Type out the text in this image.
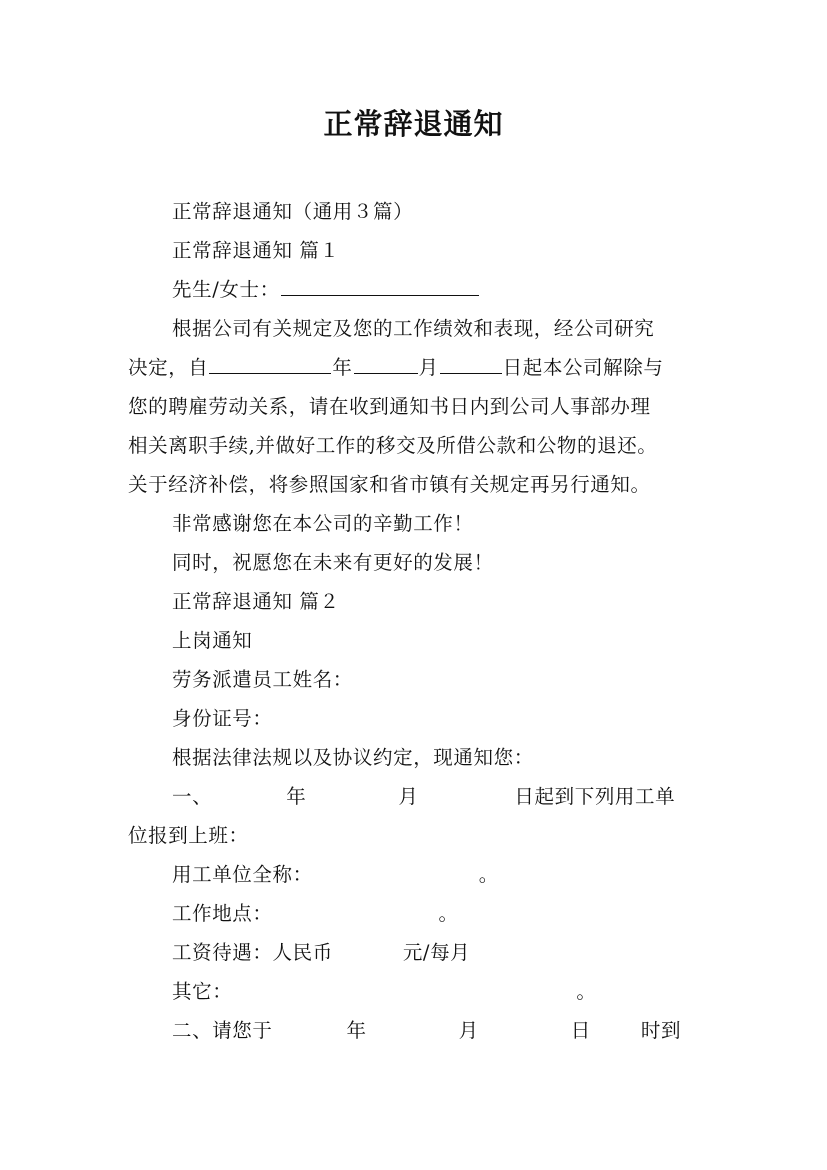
正常辞退通知
正常辞退通知（通用３篇）
正常辞退通知 篇１
先生/女士：
根据公司有关规定及您的工作绩效和表现，经公司研究
决定，自	年	月	日起本公司解除与
您的聘雇劳动关系，请在收到通知书日内到公司人事部办理
相关离职手续,并做好工作的移交及所借公款和公物的退还。
关于经济补偿，将参照国家和省市镇有关规定再另行通知。
非常感谢您在本公司的辛勤工作！
同时，祝愿您在未来有更好的发展！
正常辞退通知 篇２
上岗通知
劳务派遣员工姓名：
身份证号：
根据法律法规以及协议约定，现通知您：
一、	年	月	日起到下列用工单
位报到上班：
用工单位全称：	。
工作地点：	。
工资待遇：人民币	元/每月
其它：	。
二、请您于	年	月	日	时到
